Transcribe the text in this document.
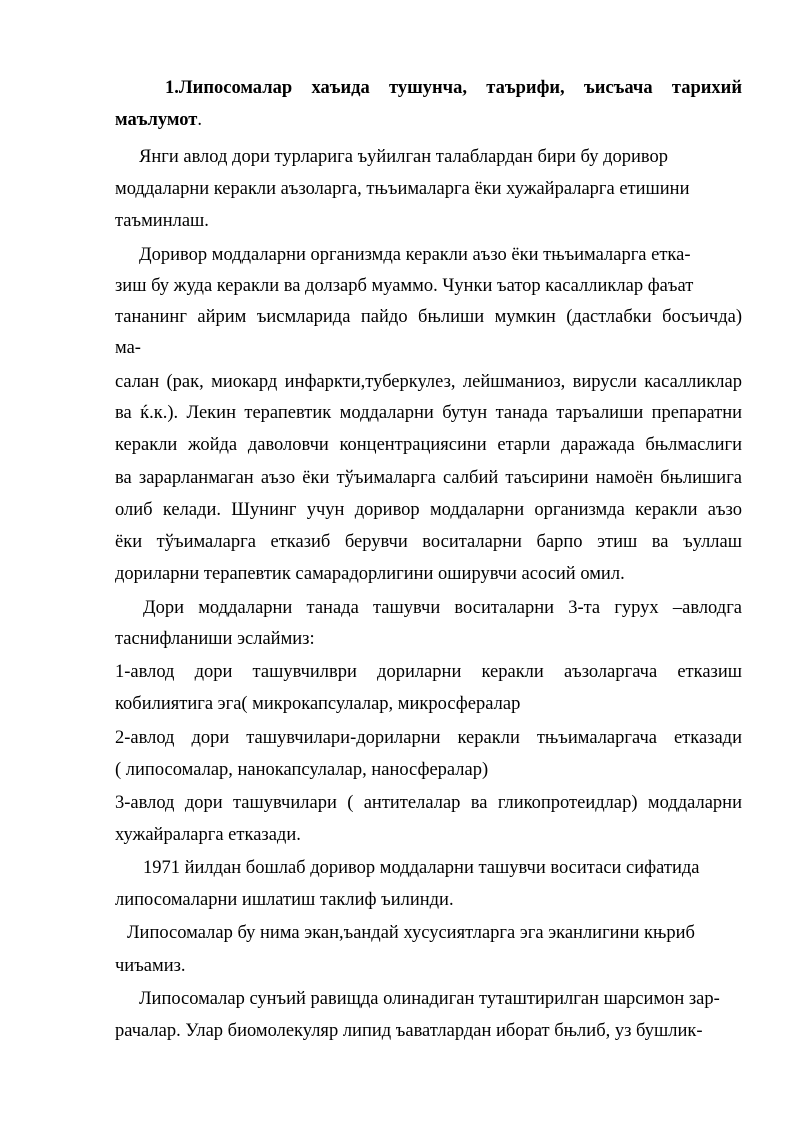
1.Липосомалар хаъида тушунча, таърифи, ъисъача тарихий
маълумот.
Янги авлод дори турларига ъуйилган талаблардан бири бу доривор
моддаларни керакли аъзоларга, тњъималарга ёки хужайраларга етишини
таъминлаш.
Доривор моддаларни организмда керакли аъзо ёки тњъималарга етка-
зиш бу жуда керакли ва долзарб муаммо. Чунки ъатор касалликлар фаъат
тананинг айрим ъисмларида пайдо бњлиши мумкин (дастлабки босъичда)
ма-
салан (рак, миокард инфаркти,туберкулез, лейшманиоз, вирусли касалликлар
ва ќ.к.). Лекин терапевтик моддаларни бутун танада таръалиши препаратни
керакли жойда даволовчи концентрациясини етарли даражада бњлмаслиги
ва зарарланмаган аъзо ёки тўъималарга салбий таъсирини намоён бњлишига
олиб келади. Шунинг учун доривор моддаларни организмда керакли аъзо
ёки тўъималарга етказиб берувчи воситаларни барпо этиш ва ъуллаш
дориларни терапевтик самарадорлигини оширувчи асосий омил.
Дори моддаларни танада ташувчи воситаларни 3-та гурух –авлодга
таснифланиши эслаймиз:
1-авлод дори ташувчилври дориларни керакли аъзоларгача етказиш
кобилиятига эга( микрокапсулалар, микросфералар
2-авлод дори ташувчилари-дориларни керакли тњъималаргача етказади
( липосомалар, нанокапсулалар, наносфералар)
3-авлод дори ташувчилари ( антителалар ва гликопротеидлар) моддаларни
хужайраларга етказади.
1971 йилдан бошлаб доривор моддаларни ташувчи воситаси сифатида
липосомаларни ишлатиш таклиф ъилинди.
Липосомалар бу нима экан,ъандай хусусиятларга эга эканлигини књриб
чиъамиз.
Липосомалар сунъий равищда олинадиган туташтирилган шарсимон зар-
рачалар. Улар биомолекуляр липид ъаватлардан иборат бњлиб, уз бушлик-
